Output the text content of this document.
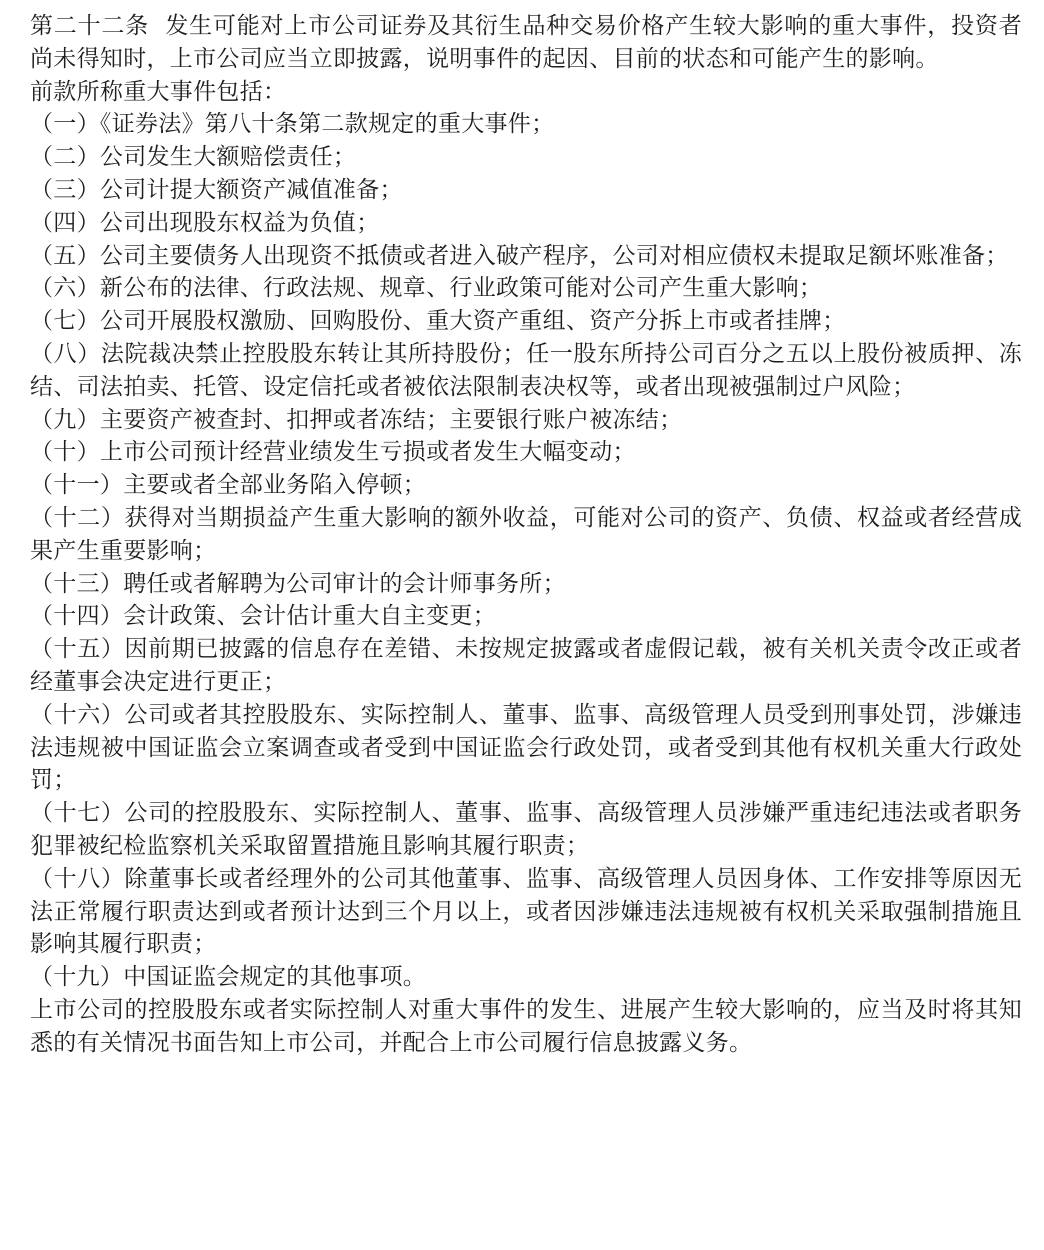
第二十二条 发生可能对上市公司证券及其衍生品种交易价格产生较大影响的重大事件，投资者尚未得知时，上市公司应当立即披露，说明事件的起因、目前的状态和可能产生的影响。

前款所称重大事件包括：

（一）《证券法》第八十条第二款规定的重大事件；

（二）公司发生大额赔偿责任；

（三）公司计提大额资产减值准备；

（四）公司出现股东权益为负值；

（五）公司主要债务人出现资不抵债或者进入破产程序，公司对相应债权未提取足额坏账准备；

（六）新公布的法律、行政法规、规章、行业政策可能对公司产生重大影响；

（七）公司开展股权激励、回购股份、重大资产重组、资产分拆上市或者挂牌；

（八）法院裁决禁止控股股东转让其所持股份；任一股东所持公司百分之五以上股份被质押、冻结、司法拍卖、托管、设定信托或者被依法限制表决权等，或者出现被强制过户风险；

（九）主要资产被查封、扣押或者冻结；主要银行账户被冻结；

（十）上市公司预计经营业绩发生亏损或者发生大幅变动；

（十一）主要或者全部业务陷入停顿；

（十二）获得对当期损益产生重大影响的额外收益，可能对公司的资产、负债、权益或者经营成果产生重要影响；

（十三）聘任或者解聘为公司审计的会计师事务所；

（十四）会计政策、会计估计重大自主变更；

（十五）因前期已披露的信息存在差错、未按规定披露或者虚假记载，被有关机关责令改正或者经董事会决定进行更正；

（十六）公司或者其控股股东、实际控制人、董事、监事、高级管理人员受到刑事处罚，涉嫌违法违规被中国证监会立案调查或者受到中国证监会行政处罚，或者受到其他有权机关重大行政处罚；

（十七）公司的控股股东、实际控制人、董事、监事、高级管理人员涉嫌严重违纪违法或者职务犯罪被纪检监察机关采取留置措施且影响其履行职责；

（十八）除董事长或者经理外的公司其他董事、监事、高级管理人员因身体、工作安排等原因无法正常履行职责达到或者预计达到三个月以上，或者因涉嫌违法违规被有权机关采取强制措施且影响其履行职责；

（十九）中国证监会规定的其他事项。

上市公司的控股股东或者实际控制人对重大事件的发生、进展产生较大影响的，应当及时将其知悉的有关情况书面告知上市公司，并配合上市公司履行信息披露义务。
